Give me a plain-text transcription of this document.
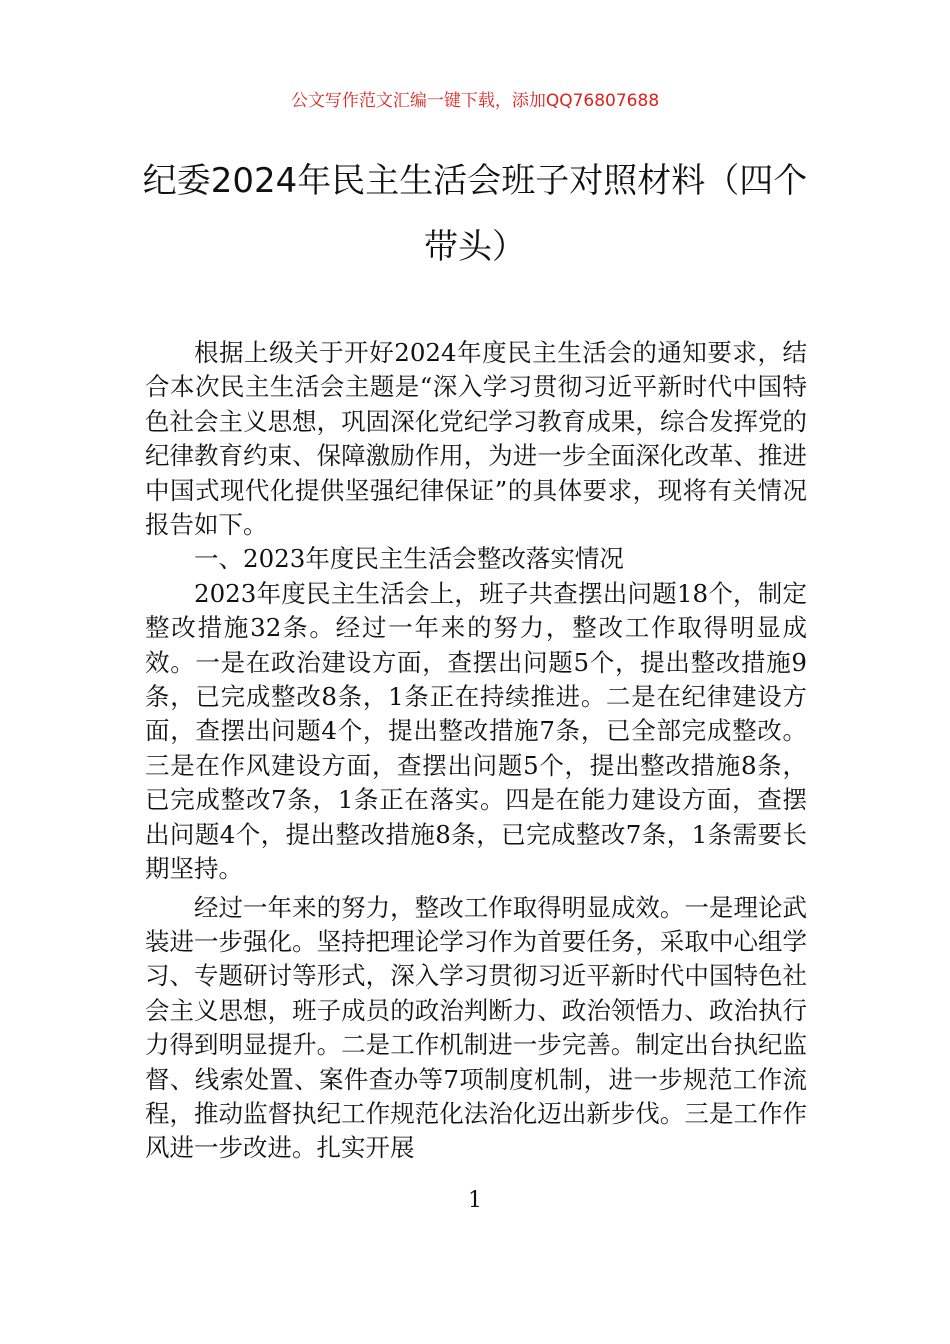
公文写作范文汇编一键下载，添加QQ76807688
纪委2024年民主生活会班子对照材料（四个带头）

根据上级关于开好2024年度民主生活会的通知要求，结合本次民主生活会主题是“深入学习贯彻习近平新时代中国特色社会主义思想，巩固深化党纪学习教育成果，综合发挥党的纪律教育约束、保障激励作用，为进一步全面深化改革、推进中国式现代化提供坚强纪律保证”的具体要求，现将有关情况报告如下。

一、2023年度民主生活会整改落实情况

2023年度民主生活会上，班子共查摆出问题18个，制定整改措施32条。经过一年来的努力，整改工作取得明显成效。一是在政治建设方面，查摆出问题5个，提出整改措施9条，已完成整改8条，1条正在持续推进。二是在纪律建设方面，查摆出问题4个，提出整改措施7条，已全部完成整改。三是在作风建设方面，查摆出问题5个，提出整改措施8条，已完成整改7条，1条正在落实。四是在能力建设方面，查摆出问题4个，提出整改措施8条，已完成整改7条，1条需要长期坚持。

经过一年来的努力，整改工作取得明显成效。一是理论武装进一步强化。坚持把理论学习作为首要任务，采取中心组学习、专题研讨等形式，深入学习贯彻习近平新时代中国特色社会主义思想，班子成员的政治判断力、政治领悟力、政治执行力得到明显提升。二是工作机制进一步完善。制定出台执纪监督、线索处置、案件查办等7项制度机制，进一步规范工作流程，推动监督执纪工作规范化法治化迈出新步伐。三是工作作风进一步改进。扎实开展

1
